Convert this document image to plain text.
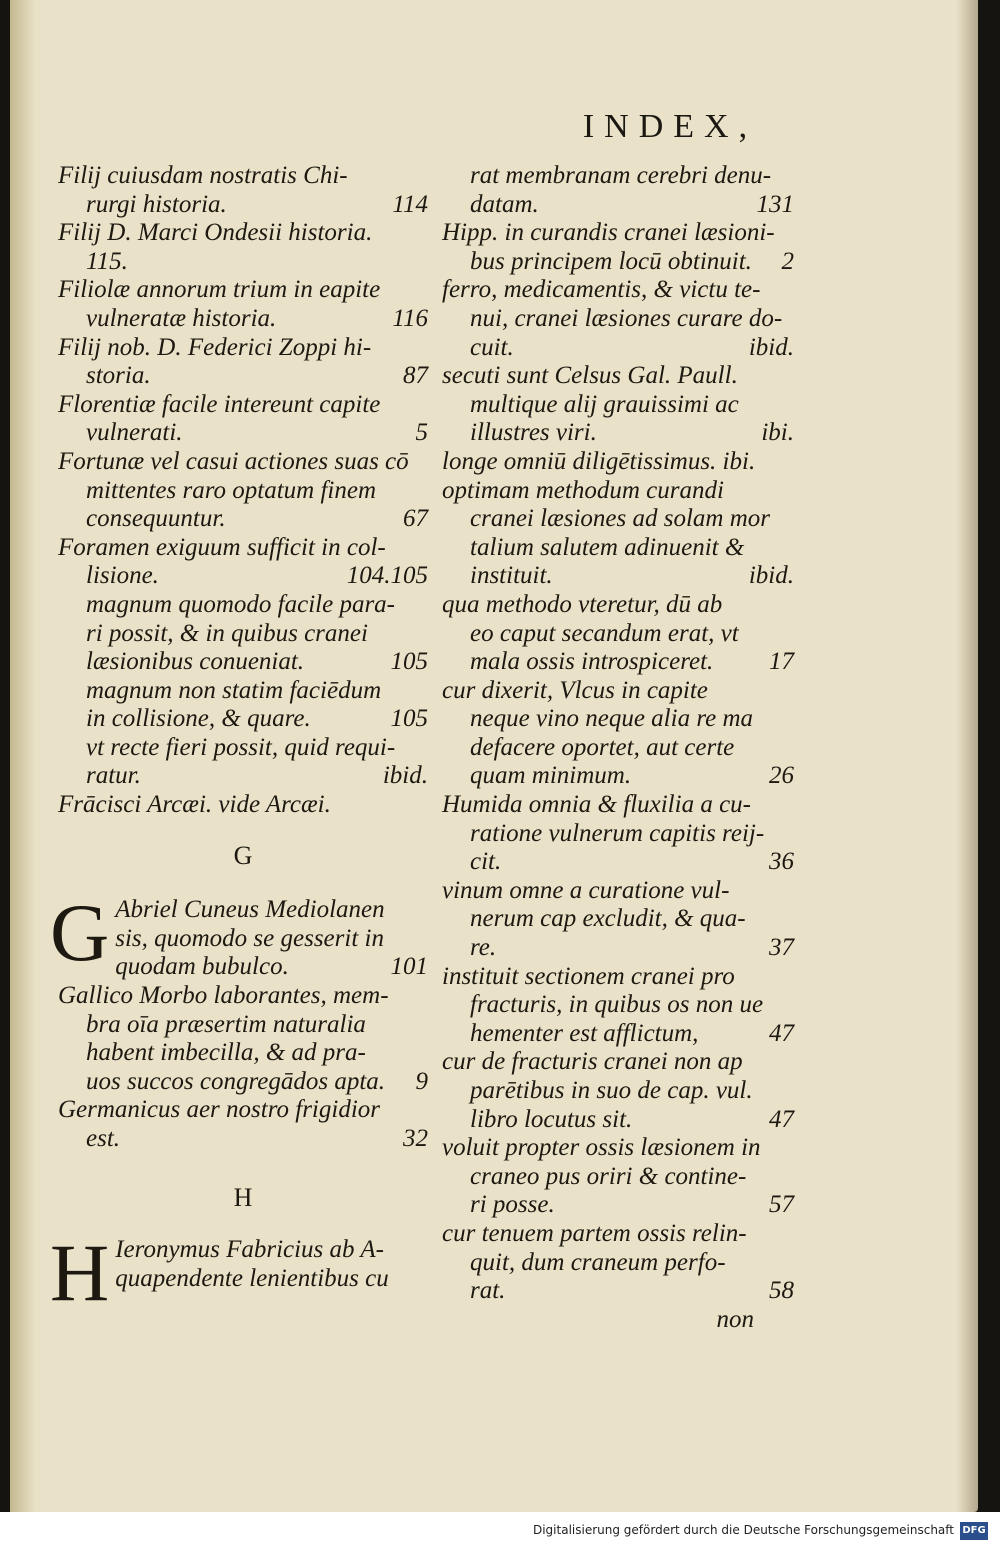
INDEX,
Filij cuiusdam nostratis Chi-
rurgi historia.	114
Filij D. Marci Ondesii historia.
115.
Filiolæ annorum trium in eapite
vulneratæ historia.	116
Filij nob. D. Federici Zoppi hi-
storia.	87
Florentiæ facile intereunt capite
vulnerati.	5
Fortunæ vel casui actiones suas cō
mittentes raro optatum finem
consequuntur.	67
Foramen exiguum sufficit in col-
lisione.	104.105
magnum quomodo facile para-
ri possit, & in quibus cranei
læsionibus conueniat.	105
magnum non statim faciēdum
in collisione, & quare.	105
vt recte fieri possit, quid requi-
ratur.	ibid.
Frācisci Arcæi. vide Arcæi.
G
G Abriel Cuneus Mediolanen
sis, quomodo se gesserit in
quodam bubulco.	101
Gallico Morbo laborantes, mem-
bra oīa præsertim naturalia
habent imbecilla, & ad pra-
uos succos congregādos apta. 9
Germanicus aer nostro frigidior
est.	32
H
H Ieronymus Fabricius ab A-
quapendente lenientibus cu
rat membranam cerebri denu-
datam.	131
Hipp. in curandis cranei læsioni-
bus principem locū obtinuit. 2
ferro, medicamentis, & victu te-
nui, cranei læsiones curare do-
cuit.	ibid.
secuti sunt Celsus Gal. Paull.
multique alij grauissimi ac
illustres viri.	ibi.
longe omniū diligētissimus. ibi.
optimam methodum curandi
cranei læsiones ad solam mor
talium salutem adinuenit &
instituit.	ibid.
qua methodo vteretur, dū ab
eo caput secandum erat, vt
mala ossis introspiceret. 17
cur dixerit, Vlcus in capite
neque vino neque alia re ma
defacere oportet, aut certe
quam minimum.	26
Humida omnia & fluxilia a cu-
ratione vulnerum capitis reij-
cit.	36
vinum omne a curatione vul-
nerum cap excludit, & qua-
re.	37
instituit sectionem cranei pro
fracturis, in quibus os non ue
hementer est afflictum,	47
cur de fracturis cranei non ap
parētibus in suo de cap. vul.
libro locutus sit.	47
voluit propter ossis læsionem in
craneo pus oriri & contine-
ri posse.	57
cur tenuem partem ossis relin-
quit, dum craneum perfo-
rat.	58
non
Digitalisierung gefördert durch die Deutsche Forschungsgemeinschaft DFG
